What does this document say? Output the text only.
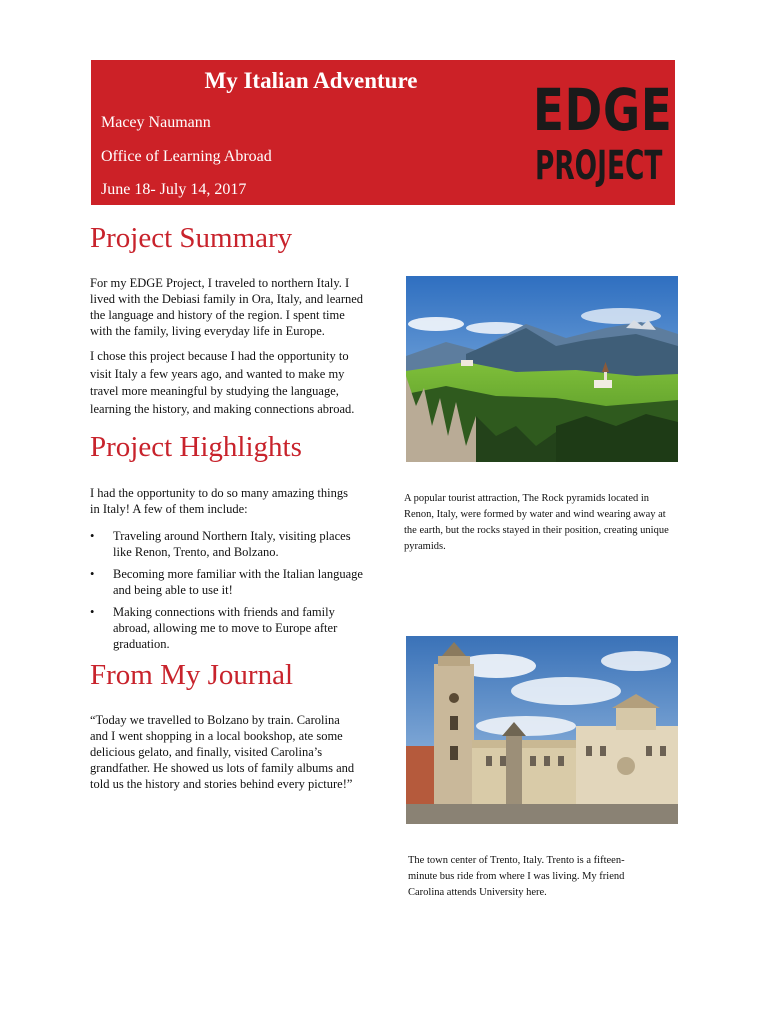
My Italian Adventure
Macey Naumann
Office of Learning Abroad
June 18- July 14, 2017
EDGE
PROJECT
Project Summary
For my EDGE Project, I traveled to northern Italy. I lived with the Debiasi family in Ora, Italy, and learned the language and history of the region. I spent time with the family, living everyday life in Europe.
I chose this project because I had the opportunity to visit Italy a few years ago, and wanted to make my travel more meaningful by studying the language, learning the history, and making connections abroad.
Project Highlights
I had the opportunity to do so many amazing things in Italy! A few of them include:
• Traveling around Northern Italy, visiting places like Renon, Trento, and Bolzano.
• Becoming more familiar with the Italian language and being able to use it!
• Making connections with friends and family abroad, allowing me to move to Europe after graduation.
From My Journal
“Today we travelled to Bolzano by train. Carolina and I went shopping in a local bookshop, ate some delicious gelato, and finally, visited Carolina’s grandfather. He showed us lots of family albums and told us the history and stories behind every picture!”
A popular tourist attraction, The Rock pyramids located in Renon, Italy, were formed by water and wind wearing away at the earth, but the rocks stayed in their position, creating unique pyramids.
The town center of Trento, Italy. Trento is a fifteen-minute bus ride from where I was living. My friend Carolina attends University here.
